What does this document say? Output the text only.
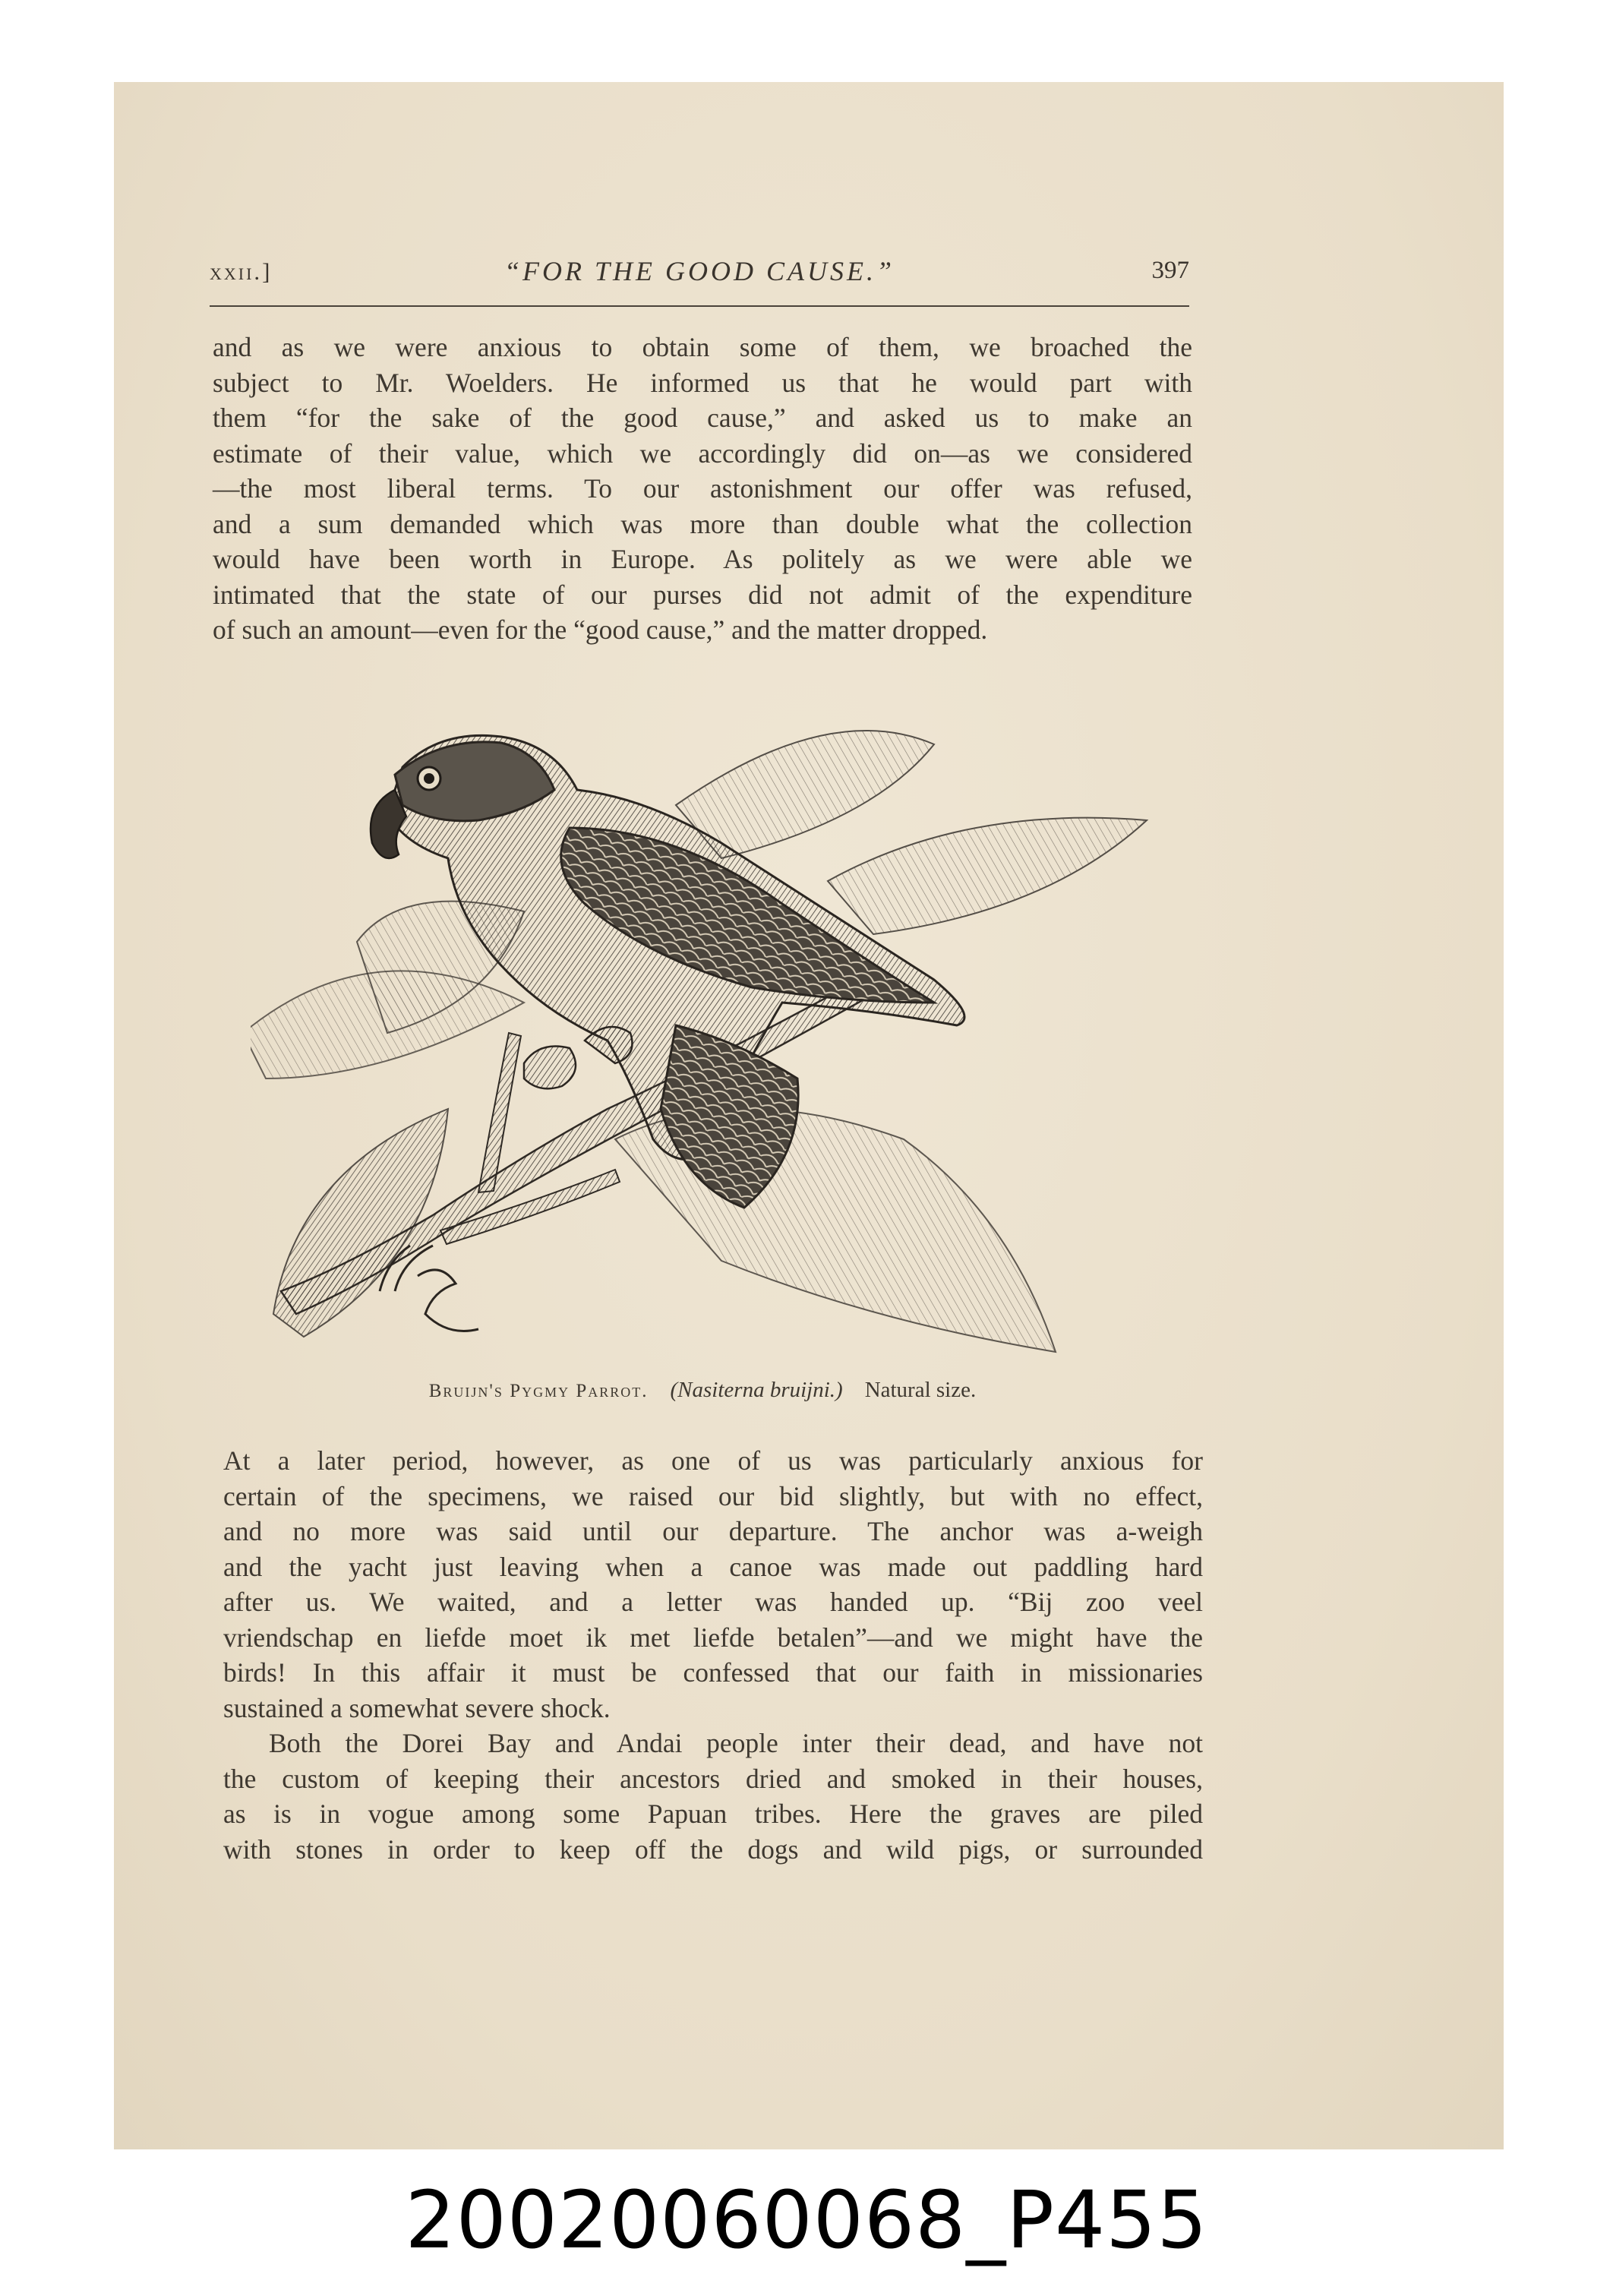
xxii.]	“FOR THE GOOD CAUSE.”	397
and as we were anxious to obtain some of them, we broached the
subject to Mr. Woelders. He informed us that he would part with
them “for the sake of the good cause,” and asked us to make an
estimate of their value, which we accordingly did on—as we considered
—the most liberal terms. To our astonishment our offer was refused,
and a sum demanded which was more than double what the collection
would have been worth in Europe. As politely as we were able we
intimated that the state of our purses did not admit of the expenditure
of such an amount—even for the “good cause,” and the matter dropped.
Bruijn's Pygmy Parrot. (Nasiterna bruijni.) Natural size.
At a later period, however, as one of us was particularly anxious for
certain of the specimens, we raised our bid slightly, but with no effect,
and no more was said until our departure. The anchor was a-weigh
and the yacht just leaving when a canoe was made out paddling hard
after us. We waited, and a letter was handed up. “Bij zoo veel
vriendschap en liefde moet ik met liefde betalen”—and we might have the
birds! In this affair it must be confessed that our faith in missionaries
sustained a somewhat severe shock.
Both the Dorei Bay and Andai people inter their dead, and have not
the custom of keeping their ancestors dried and smoked in their houses,
as is in vogue among some Papuan tribes. Here the graves are piled
with stones in order to keep off the dogs and wild pigs, or surrounded
20020060068_P455
